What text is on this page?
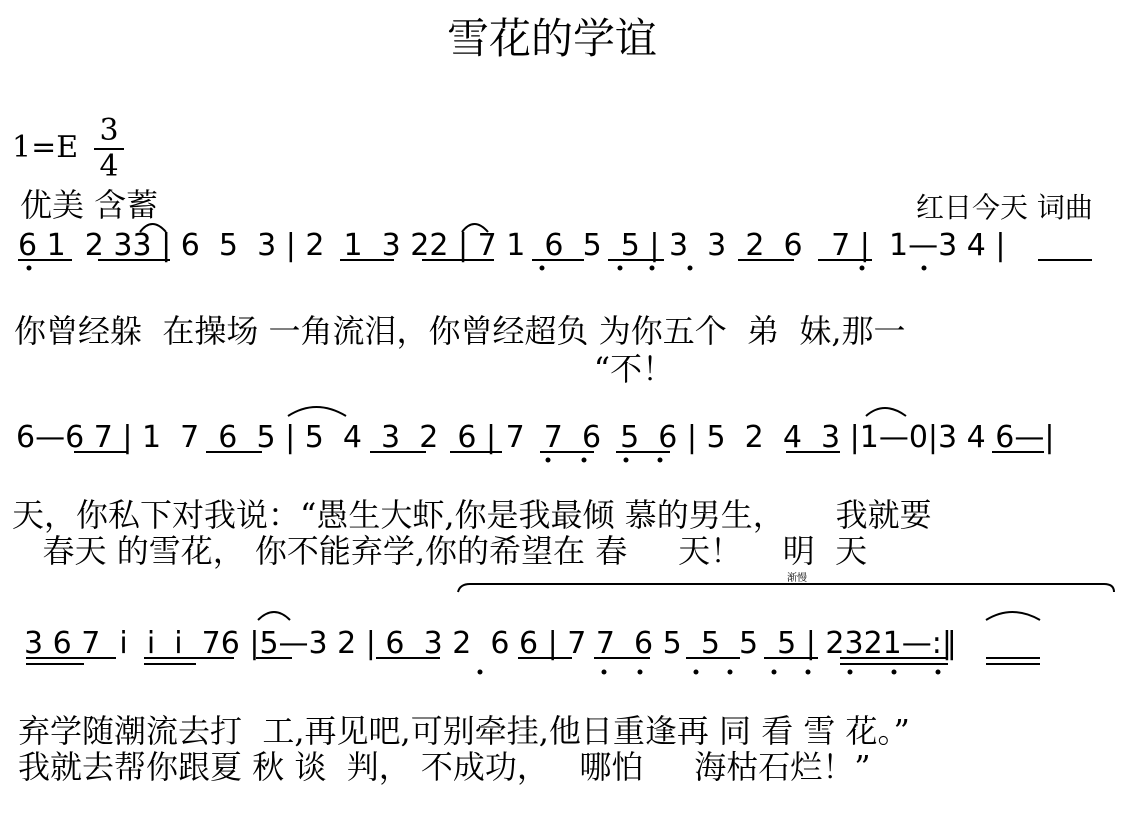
雪花的学谊
1=E 3
4
优美 含蓄	红日今天 词曲
6 1  2 33 | 6  5  3 | 2  1  3 22 | 7 1  6  5  5 | 3  3  2  6   7 |  1—3 4 |
你曾经躲  在操场 一角流泪，你曾经超负 为你五个  弟  妹,那一
“不！
6—6 7 | 1  7  6  5 | 5  4  3  2  6 | 7  7  6  5  6 | 5  2  4  3 |1—0|3 4 6—|
天，你私下对我说：“愚生大虾,你是我最倾 慕的男生，     我就要
春天 的雪花， 你不能弃学,你的希望在 春     天！    明  天
渐慢
3 6 7  i  i  i  76 |5—3 2 | 6  3 2  6 6 | 7 7  6 5  5  5  5 | 2321—:‖
弃学随潮流去打  工,再见吧,可别牵挂,他日重逢再 同 看 雪 花。”
我就去帮你跟夏 秋 谈  判， 不成功，   哪怕     海枯石烂！”
